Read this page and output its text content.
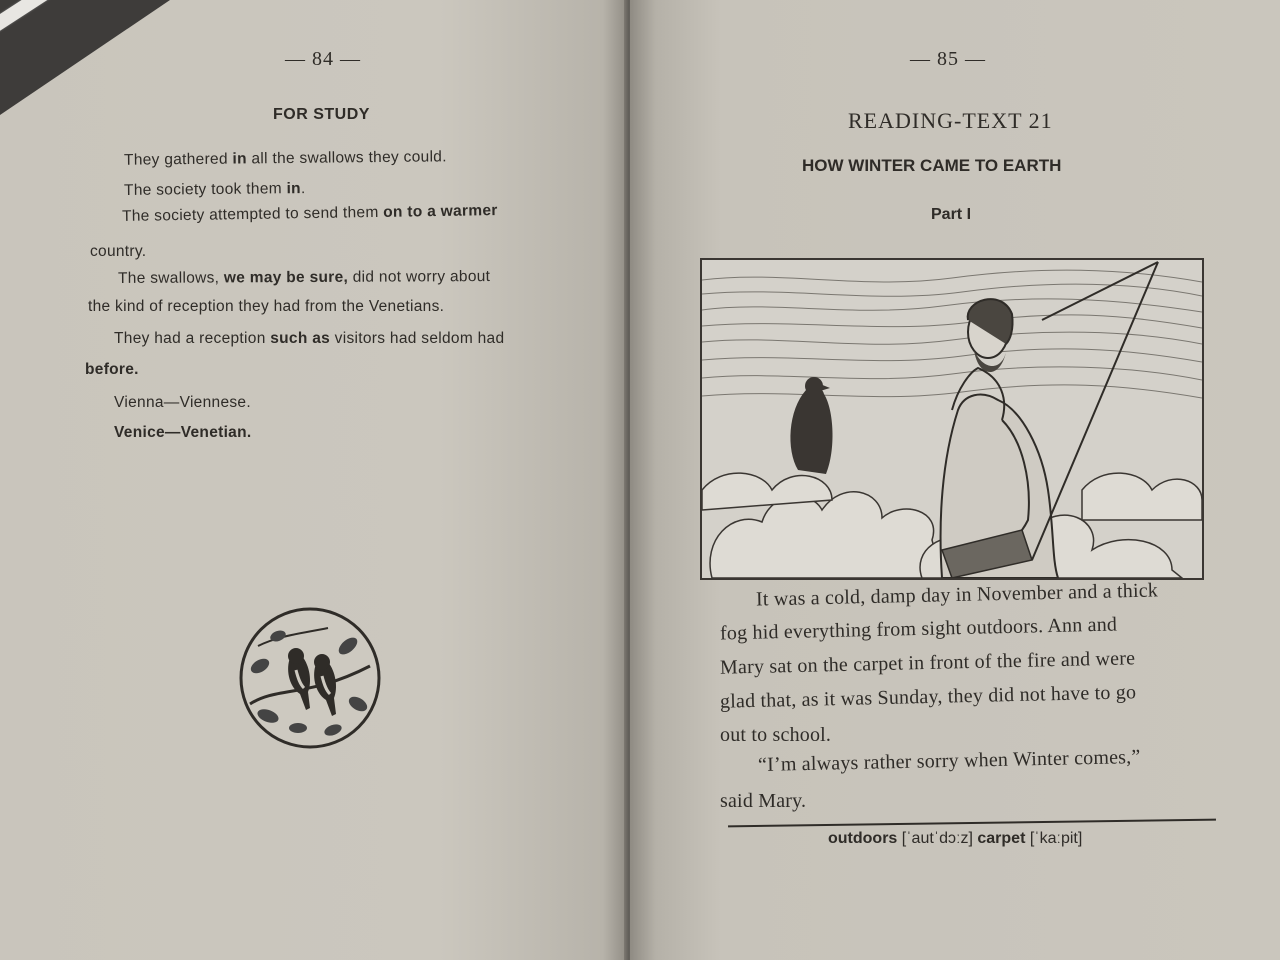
— 84 —
FOR STUDY
They gathered in all the swallows they could.
The society took them in.
The society attempted to send them on to a warmer
country.
The swallows, we may be sure, did not worry about
the kind of reception they had from the Venetians.
They had a reception such as visitors had seldom had
before.
Vienna—Viennese.
Venice—Venetian.
— 85 —
READING-TEXT 21
HOW WINTER CAME TO EARTH
Part I
It was a cold, damp day in November and a thick
fog hid everything from sight outdoors. Ann and
Mary sat on the carpet in front of the fire and were
glad that, as it was Sunday, they did not have to go
out to school.
“I’m always rather sorry when Winter comes,”
said Mary.
outdoors [ˈautˈdɔːz] carpet [ˈkaːpit]
